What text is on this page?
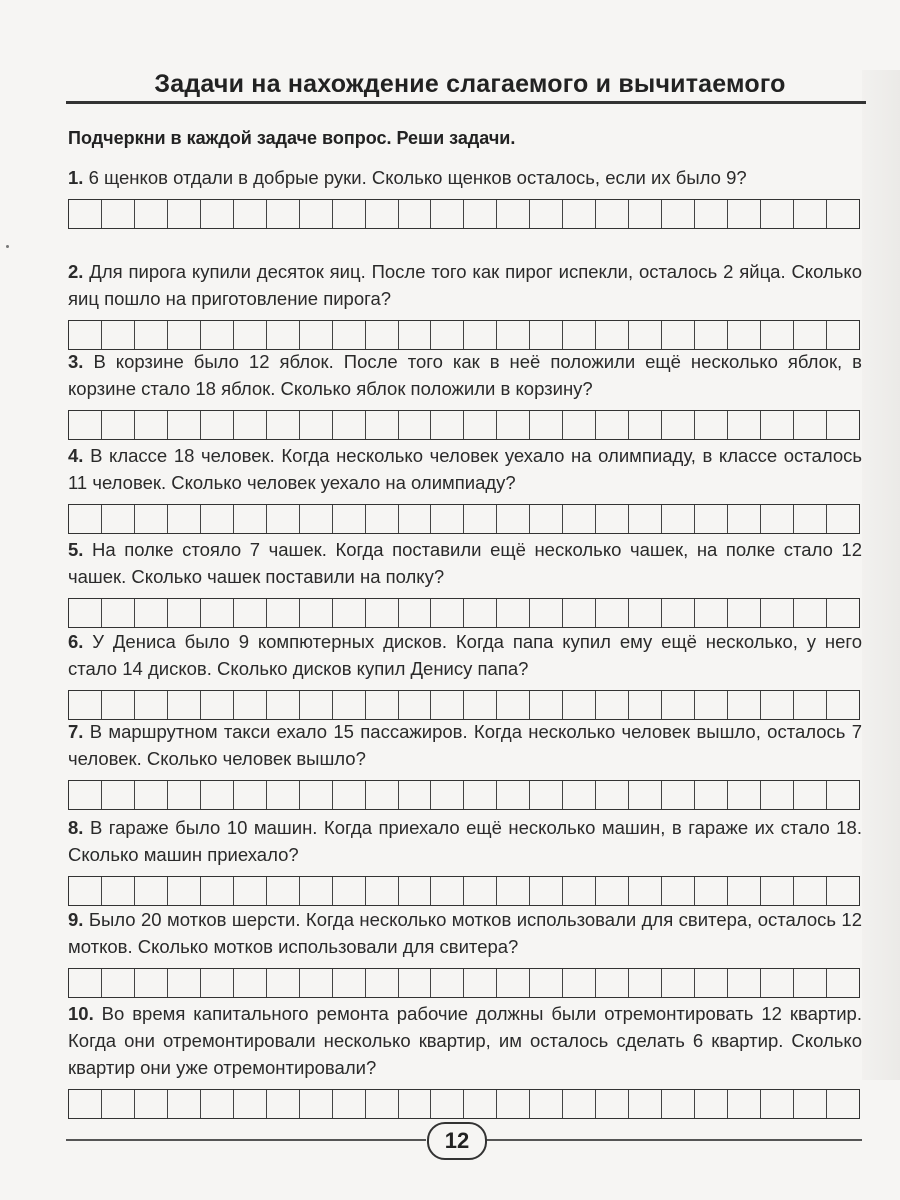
Задачи на нахождение слагаемого и вычитаемого
Подчеркни в каждой задаче вопрос. Реши задачи.

1. 6 щенков отдали в добрые руки. Сколько щенков осталось, если их было 9?

2. Для пирога купили десяток яиц. После того как пирог испекли, осталось 2 яйца. Сколько яиц пошло на приготовление пирога?

3. В корзине было 12 яблок. После того как в неё положили ещё несколько яблок, в корзине стало 18 яблок. Сколько яблок положили в корзину?

4. В классе 18 человек. Когда несколько человек уехало на олимпиаду, в классе осталось 11 человек. Сколько человек уехало на олимпиаду?

5. На полке стояло 7 чашек. Когда поставили ещё несколько чашек, на полке стало 12 чашек. Сколько чашек поставили на полку?

6. У Дениса было 9 компютерных дисков. Когда папа купил ему ещё несколько, у него стало 14 дисков. Сколько дисков купил Денису папа?

7. В маршрутном такси ехало 15 пассажиров. Когда несколько человек вышло, осталось 7 человек. Сколько человек вышло?

8. В гараже было 10 машин. Когда приехало ещё несколько машин, в гараже их стало 18. Сколько машин приехало?

9. Было 20 мотков шерсти. Когда несколько мотков использовали для свитера, осталось 12 мотков. Сколько мотков использовали для свитера?

10. Во время капитального ремонта рабочие должны были отремонтировать 12 квартир. Когда они отремонтировали несколько квартир, им осталось сделать 6 квартир. Сколько квартир они уже отремонтировали?

12
